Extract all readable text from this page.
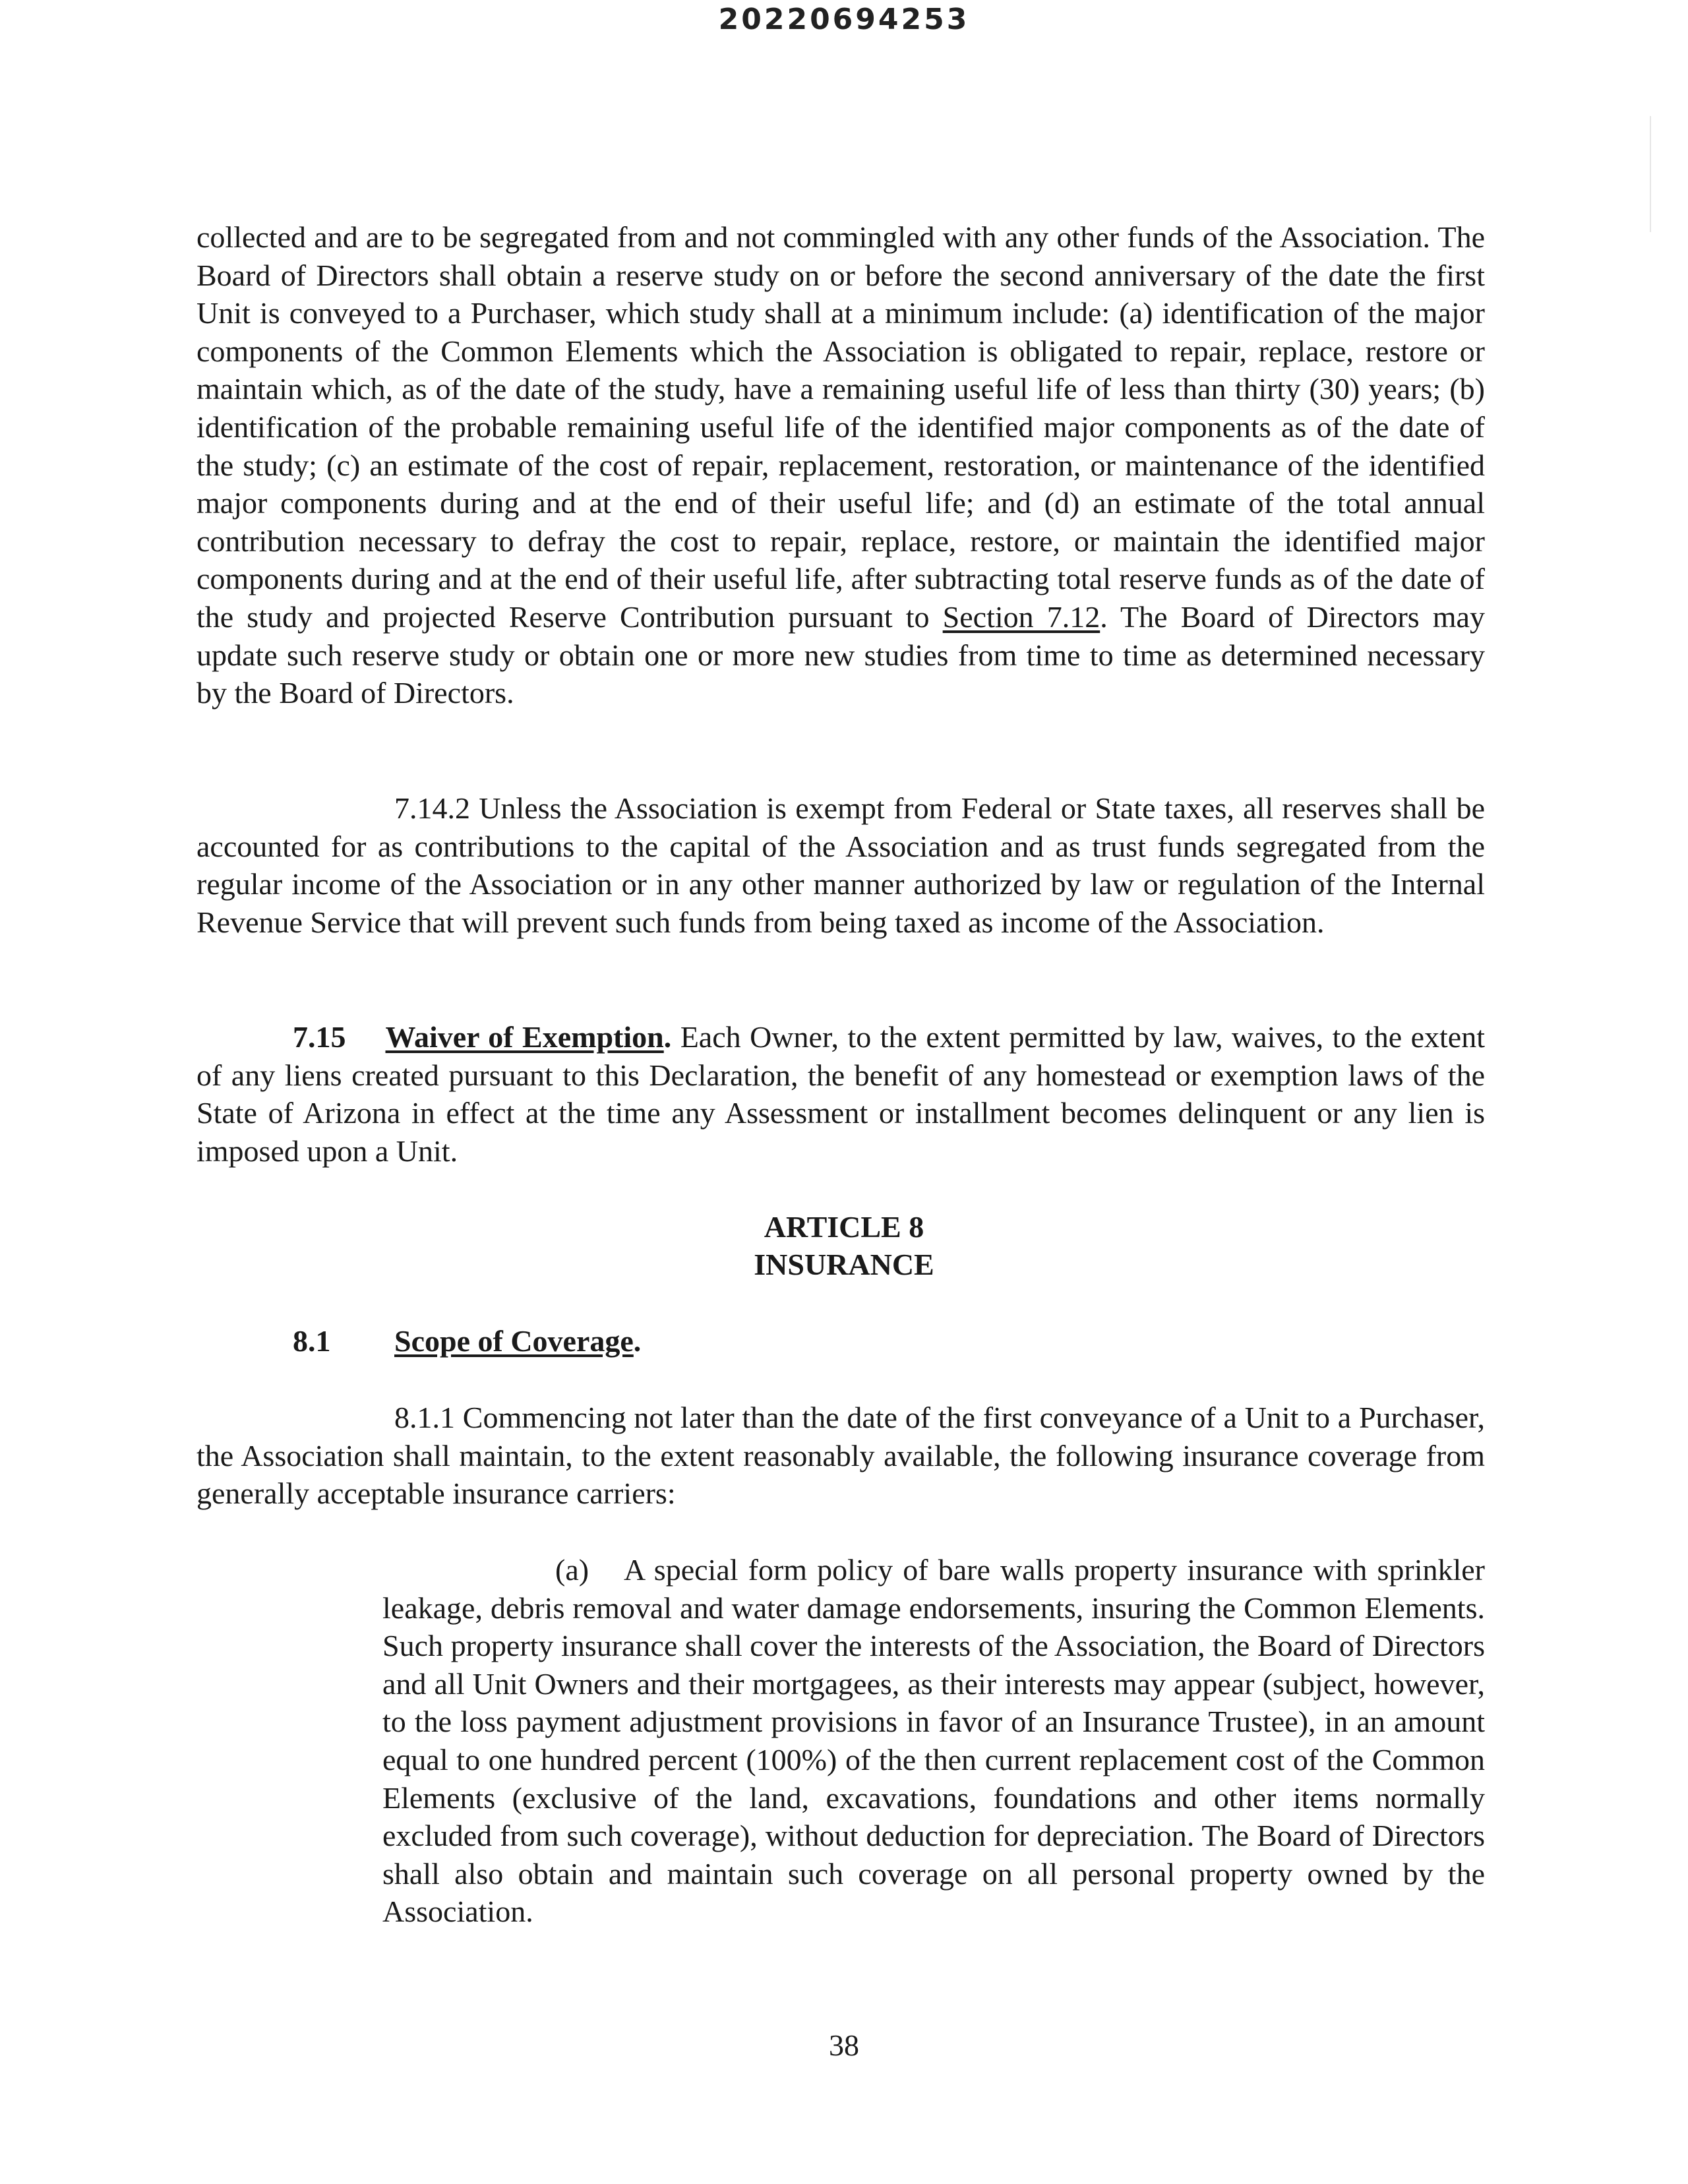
20220694253
collected and are to be segregated from and not commingled with any other funds of the Association. The Board of Directors shall obtain a reserve study on or before the second anniversary of the date the first Unit is conveyed to a Purchaser, which study shall at a minimum include: (a) identification of the major components of the Common Elements which the Association is obligated to repair, replace, restore or maintain which, as of the date of the study, have a remaining useful life of less than thirty (30) years; (b) identification of the probable remaining useful life of the identified major components as of the date of the study; (c) an estimate of the cost of repair, replacement, restoration, or maintenance of the identified major components during and at the end of their useful life; and (d) an estimate of the total annual contribution necessary to defray the cost to repair, replace, restore, or maintain the identified major components during and at the end of their useful life, after subtracting total reserve funds as of the date of the study and projected Reserve Contribution pursuant to Section 7.12. The Board of Directors may update such reserve study or obtain one or more new studies from time to time as determined necessary by the Board of Directors.
7.14.2 Unless the Association is exempt from Federal or State taxes, all reserves shall be accounted for as contributions to the capital of the Association and as trust funds segregated from the regular income of the Association or in any other manner authorized by law or regulation of the Internal Revenue Service that will prevent such funds from being taxed as income of the Association.
7.15 Waiver of Exemption. Each Owner, to the extent permitted by law, waives, to the extent of any liens created pursuant to this Declaration, the benefit of any homestead or exemption laws of the State of Arizona in effect at the time any Assessment or installment becomes delinquent or any lien is imposed upon a Unit.
ARTICLE 8
INSURANCE
8.1 Scope of Coverage.
8.1.1 Commencing not later than the date of the first conveyance of a Unit to a Purchaser, the Association shall maintain, to the extent reasonably available, the following insurance coverage from generally acceptable insurance carriers:
(a) A special form policy of bare walls property insurance with sprinkler leakage, debris removal and water damage endorsements, insuring the Common Elements. Such property insurance shall cover the interests of the Association, the Board of Directors and all Unit Owners and their mortgagees, as their interests may appear (subject, however, to the loss payment adjustment provisions in favor of an Insurance Trustee), in an amount equal to one hundred percent (100%) of the then current replacement cost of the Common Elements (exclusive of the land, excavations, foundations and other items normally excluded from such coverage), without deduction for depreciation. The Board of Directors shall also obtain and maintain such coverage on all personal property owned by the Association.
38
